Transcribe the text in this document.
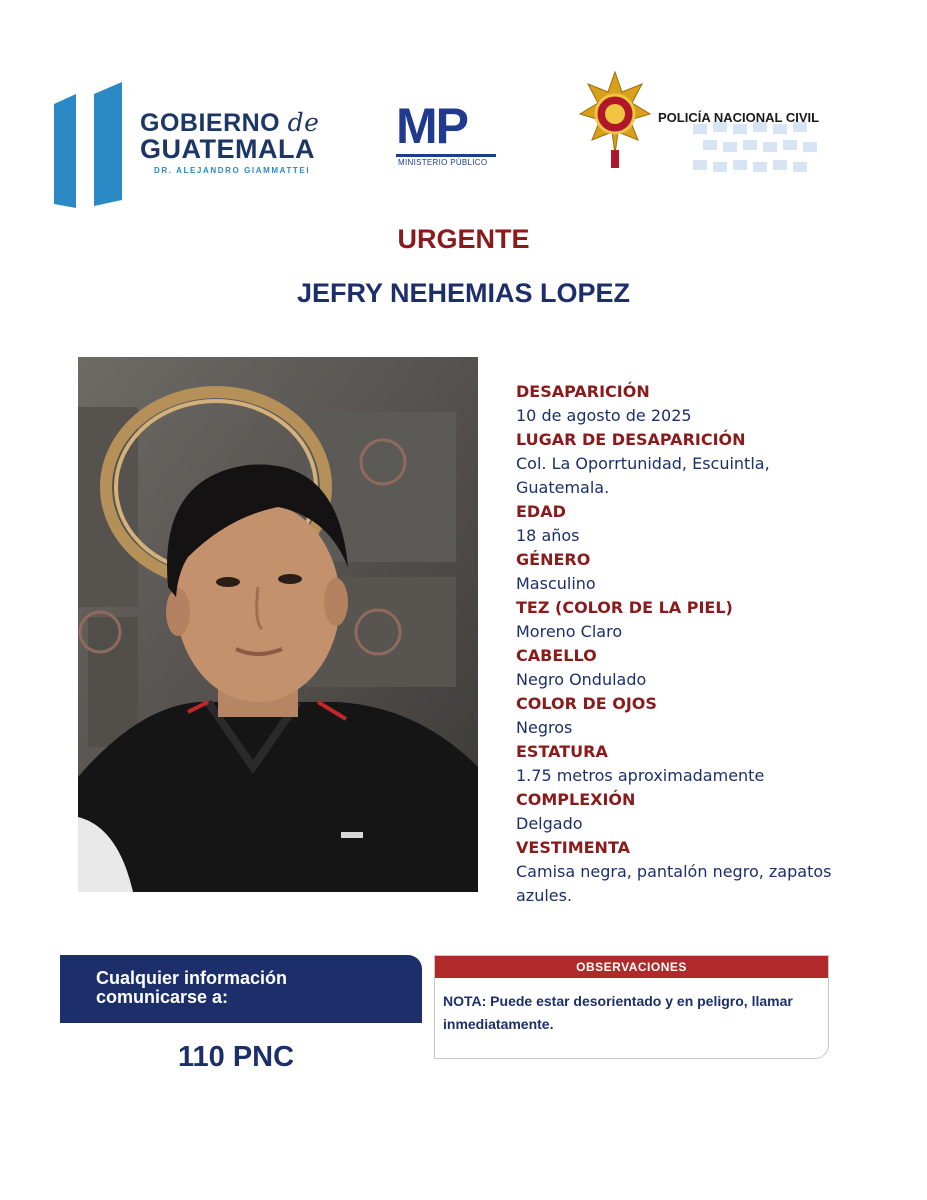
GOBIERNO de
GUATEMALA
DR. ALEJANDRO GIAMMATTEI
MP
MINISTERIO PÚBLICO
POLICÍA NACIONAL CIVIL
URGENTE
JEFRY NEHEMIAS LOPEZ
DESAPARICIÓN
10 de agosto de 2025
LUGAR DE DESAPARICIÓN
Col. La Oporrtunidad, Escuintla, Guatemala.
EDAD
18 años
GÉNERO
Masculino
TEZ (COLOR DE LA PIEL)
Moreno Claro
CABELLO
Negro Ondulado
COLOR DE OJOS
Negros
ESTATURA
1.75 metros aproximadamente
COMPLEXIÓN
Delgado
VESTIMENTA
Camisa negra, pantalón negro, zapatos azules.
Cualquier información
comunicarse a:
110 PNC
OBSERVACIONES
NOTA: Puede estar desorientado y en peligro, llamar inmediatamente.
